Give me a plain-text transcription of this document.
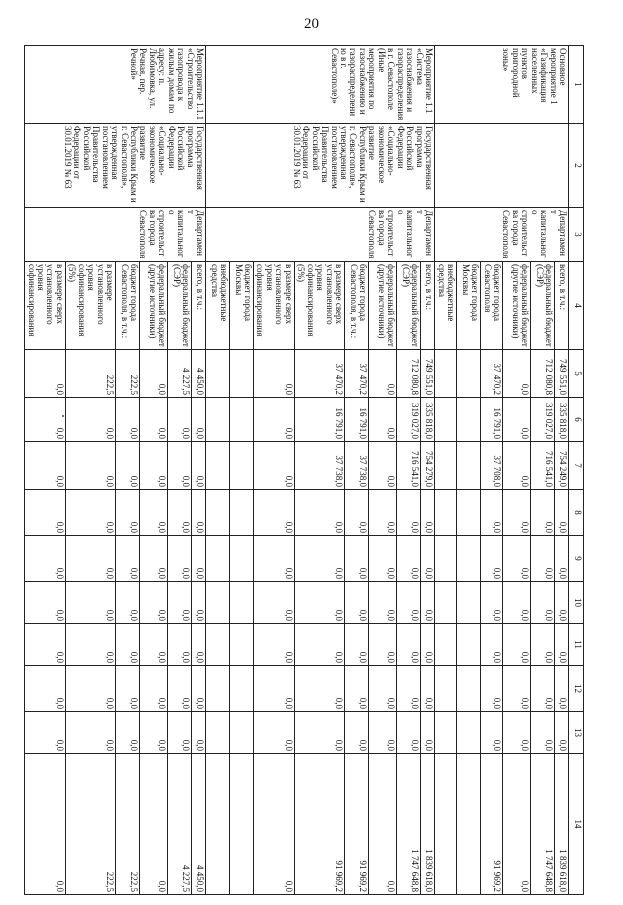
20
1	2	3	4	5	6	7	8	9	10	11	12	13	14
Основное мероприятие 1 «Газификация населенных пунктов пригородной зоны»		Департамент капитального строительства города Севастополя	всего, в т.ч.:	749 551,0	335 818,0	754 249,0	0,0	0,0	0,0	0,0	0,0	0,0	1 839 618,0
			федеральный бюджет (СЭР)	712 080,8	319 027,0	716 541,0	0,0	0,0	0,0	0,0	0,0	0,0	1 747 648,8
			федеральный бюджет (другие источники)	0,0	0,0	0,0	0,0	0,0	0,0	0,0	0,0	0,0	0,0
			бюджет города Севастополя	37 470,2	16 791,0	37 708,0	0,0	0,0	0,0	0,0	0,0	0,0	91 969,2
			бюджет города Москвы										
			внебюджетные средства										
Мероприятие 1.1 «Система газоснабжения и газораспределения в г. Севастополе (Иные мероприятия по газоснабжению и газораспределению в г. Севастополе)»	Государственная программа Российской Федерации «Социально-экономическое развитие Республики Крым и г. Севастополя», утвержденная постановлением Правительства Российской Федерации от 30.01.2019 № 63	Департамент капитального строительства города Севастополя	всего, в т.ч.:	749 551,0	335 818,0	754 279,0	0,0	0,0	0,0	0,0	0,0	0,0	1 839 618,0
			федеральный бюджет (СЭР)	712 080,8	319 027,0	716 541,0	0,0	0,0	0,0	0,0	0,0	0,0	1 747 648,8
			федеральный бюджет (другие источники)	0,0	0,0	0,0	0,0	0,0	0,0	0,0	0,0	0,0	0,0
			бюджет города Севастополя, в т.ч.:	37 470,2	16 791,0	37 738,0	0,0	0,0	0,0	0,0	0,0	0,0	91 969,2
			в размере сверх установленного уровня софинансирования (5%)	37 470,2	16 791,0	37 738,0	0,0	0,0	0,0	0,0	0,0	0,0	91 969,2
			в размере сверх установленного уровня софинансирования	0,0	0,0	0,0	0,0	0,0	0,0	0,0	0,0	0,0	0,0
			бюджет города Москвы										
			внебюджетные средства										
Мероприятие 1.1.1 «Строительство газопровода к жилым домам по адресу: п. Любимовка, ул. Речная, пер. Речной»	Государственная программа Российской Федерации «Социально-экономическое развитие Республики Крым и г. Севастополя», утвержденная постановлением Правительства Российской Федерации от 30.01.2019 № 63	Департамент капитального строительства города Севастополя	всего, в т.ч.:	4 450,0	0,0	0,0	0,0	0,0	0,0	0,0	0,0	0,0	4 450,0
			федеральный бюджет (СЭР)	4 227,5	0,0	0,0	0,0	0,0	0,0	0,0	0,0	0,0	4 227,5
			федеральный бюджет (другие источники)	0,0	0,0	0,0	0,0	0,0	0,0	0,0	0,0	0,0	0,0
			бюджет города Севастополя, в т.ч.:	222,5	0,0	0,0	0,0	0,0	0,0	0,0	0,0	0,0	222,5
			в размере установленного уровня софинансирования (5%)	222,5	0,0	0,0	0,0	0,0	0,0	0,0	0,0	0,0	222,5
			в размере сверх установленного уровня софинансирования	0,0	0,0	0,0	0,0	0,0	0,0	0,0	0,0	0,0	0,0
